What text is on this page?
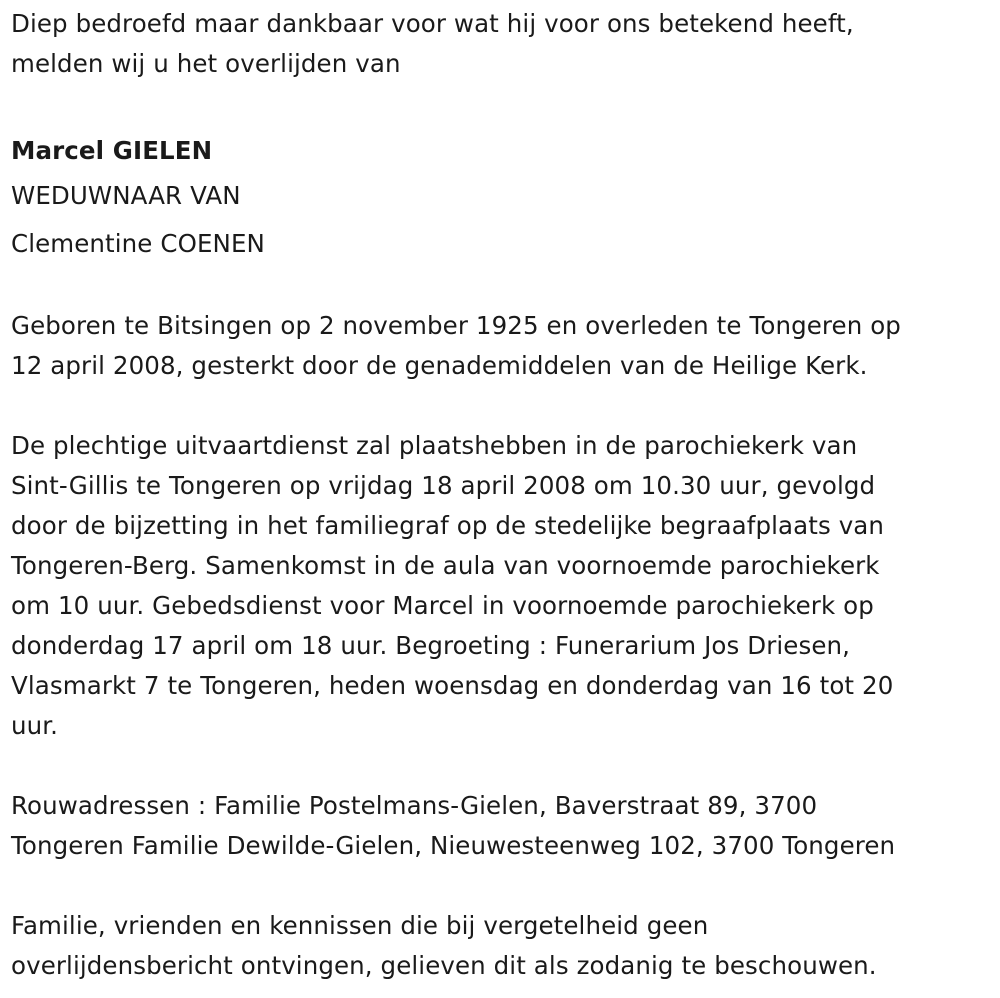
Diep bedroefd maar dankbaar voor wat hij voor ons betekend heeft,
melden wij u het overlijden van
Marcel GIELEN
WEDUWNAAR VAN
Clementine COENEN
Geboren te Bitsingen op 2 november 1925 en overleden te Tongeren op
12 april 2008, gesterkt door de genademiddelen van de Heilige Kerk.
De plechtige uitvaartdienst zal plaatshebben in de parochiekerk van
Sint-Gillis te Tongeren op vrijdag 18 april 2008 om 10.30 uur, gevolgd
door de bijzetting in het familiegraf op de stedelijke begraafplaats van
Tongeren-Berg. Samenkomst in de aula van voornoemde parochiekerk
om 10 uur. Gebedsdienst voor Marcel in voornoemde parochiekerk op
donderdag 17 april om 18 uur. Begroeting : Funerarium Jos Driesen,
Vlasmarkt 7 te Tongeren, heden woensdag en donderdag van 16 tot 20
uur.
Rouwadressen : Familie Postelmans-Gielen, Baverstraat 89, 3700
Tongeren Familie Dewilde-Gielen, Nieuwesteenweg 102, 3700 Tongeren
Familie, vrienden en kennissen die bij vergetelheid geen
overlijdensbericht ontvingen, gelieven dit als zodanig te beschouwen.
